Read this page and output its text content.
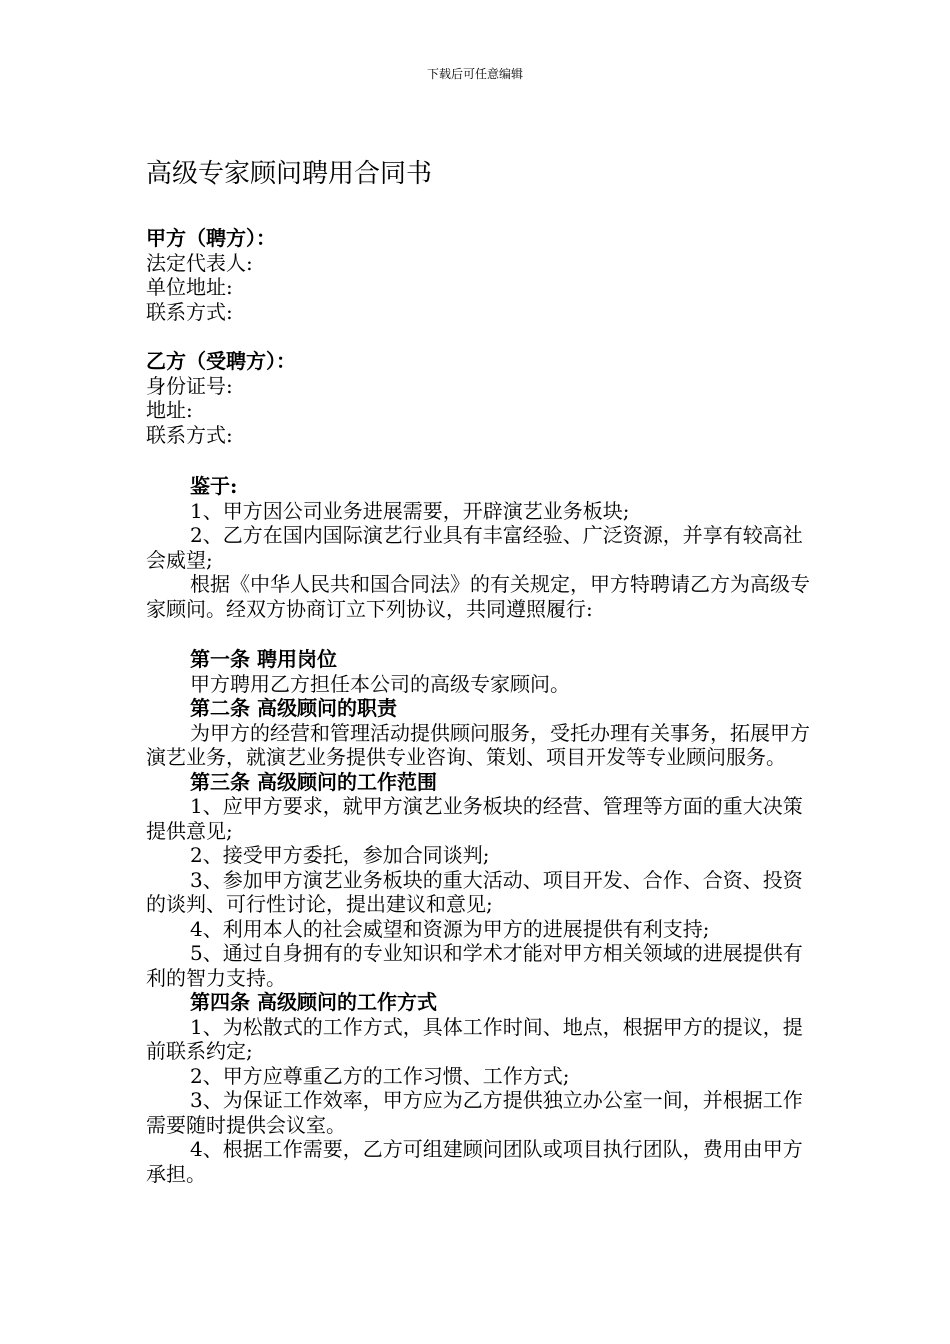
下载后可任意编辑
高级专家顾问聘用合同书
甲方（聘方）：
法定代表人:
单位地址:
联系方式:
乙方（受聘方）：
身份证号:
地址:
联系方式:
鉴于:

1、甲方因公司业务进展需要，开辟演艺业务板块;

2、乙方在国内国际演艺行业具有丰富经验、广泛资源，并享有较高社会威望;

根据《中华人民共和国合同法》的有关规定，甲方特聘请乙方为高级专家顾问。经双方协商订立下列协议，共同遵照履行:

第一条 聘用岗位

甲方聘用乙方担任本公司的高级专家顾问。

第二条 高级顾问的职责

为甲方的经营和管理活动提供顾问服务，受托办理有关事务，拓展甲方演艺业务，就演艺业务提供专业咨询、策划、项目开发等专业顾问服务。

第三条 高级顾问的工作范围

1、应甲方要求，就甲方演艺业务板块的经营、管理等方面的重大决策提供意见;

2、接受甲方委托，参加合同谈判;

3、参加甲方演艺业务板块的重大活动、项目开发、合作、合资、投资的谈判、可行性讨论，提出建议和意见;

4、利用本人的社会威望和资源为甲方的进展提供有利支持;

5、通过自身拥有的专业知识和学术才能对甲方相关领域的进展提供有利的智力支持。

第四条 高级顾问的工作方式

1、为松散式的工作方式，具体工作时间、地点，根据甲方的提议，提前联系约定;

2、甲方应尊重乙方的工作习惯、工作方式;

3、为保证工作效率，甲方应为乙方提供独立办公室一间，并根据工作需要随时提供会议室。

4、根据工作需要，乙方可组建顾问团队或项目执行团队，费用由甲方承担。
